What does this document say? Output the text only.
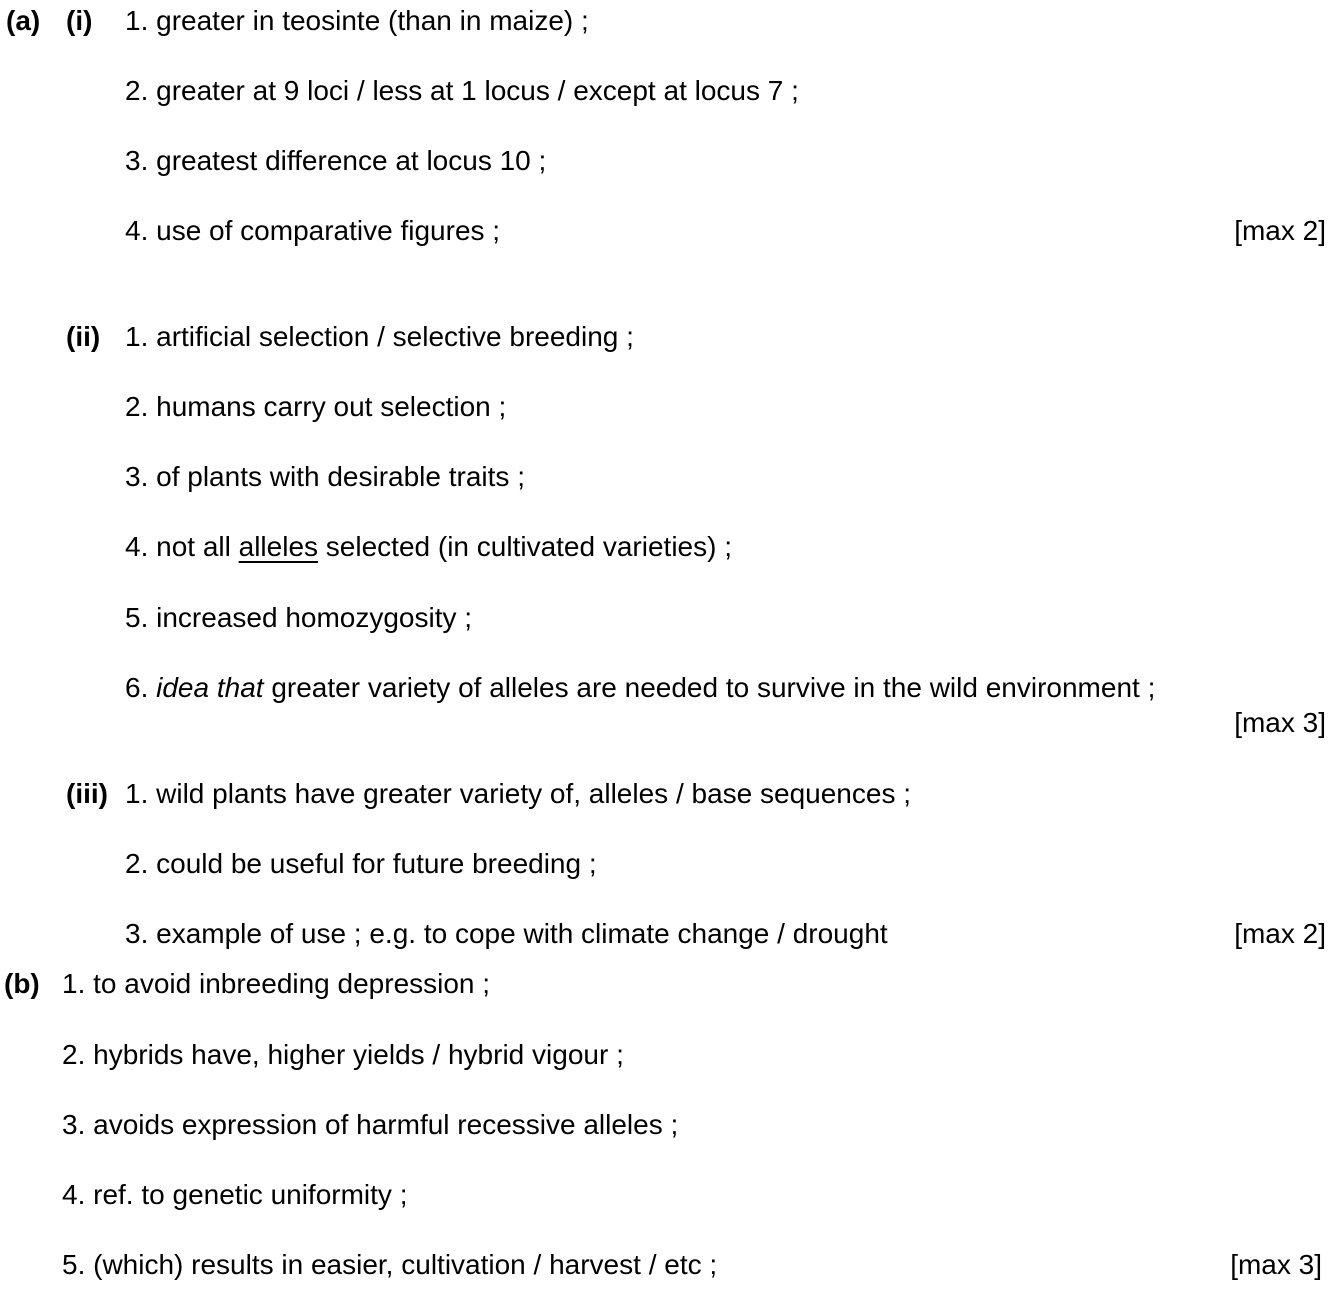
(a) (i) 1. greater in teosinte (than in maize) ;
2. greater at 9 loci / less at 1 locus / except at locus 7 ;
3. greatest difference at locus 10 ;
4. use of comparative figures ;	[max 2]
(ii) 1. artificial selection / selective breeding ;
2. humans carry out selection ;
3. of plants with desirable traits ;
4. not all alleles selected (in cultivated varieties) ;
5. increased homozygosity ;
6. idea that greater variety of alleles are needed to survive in the wild environment ;
[max 3]
(iii) 1. wild plants have greater variety of, alleles / base sequences ;
2. could be useful for future breeding ;
3. example of use ; e.g. to cope with climate change / drought	[max 2]
(b) 1. to avoid inbreeding depression ;
2. hybrids have, higher yields / hybrid vigour ;
3. avoids expression of harmful recessive alleles ;
4. ref. to genetic uniformity ;
5. (which) results in easier, cultivation / harvest / etc ;	[max 3]
